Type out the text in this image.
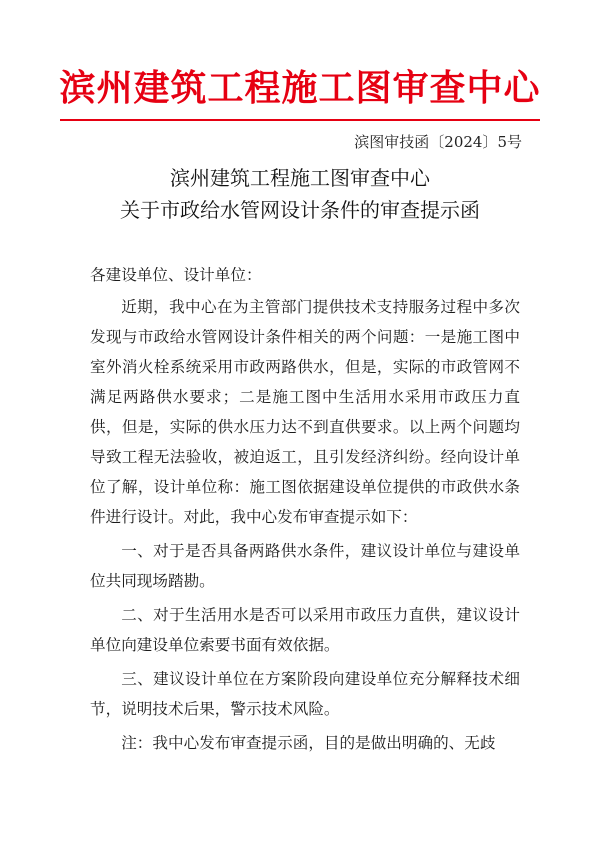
滨州建筑工程施工图审查中心
滨图审技函〔2024〕5号
滨州建筑工程施工图审查中心
关于市政给水管网设计条件的审查提示函

各建设单位、设计单位：

近期，我中心在为主管部门提供技术支持服务过程中多次发现与市政给水管网设计条件相关的两个问题：一是施工图中室外消火栓系统采用市政两路供水，但是，实际的市政管网不满足两路供水要求；二是施工图中生活用水采用市政压力直供，但是，实际的供水压力达不到直供要求。以上两个问题均导致工程无法验收，被迫返工，且引发经济纠纷。经向设计单位了解，设计单位称：施工图依据建设单位提供的市政供水条件进行设计。对此，我中心发布审查提示如下：

一、对于是否具备两路供水条件，建议设计单位与建设单位共同现场踏勘。

二、对于生活用水是否可以采用市政压力直供，建议设计单位向建设单位索要书面有效依据。

三、建议设计单位在方案阶段向建设单位充分解释技术细节，说明技术后果，警示技术风险。

注：我中心发布审查提示函，目的是做出明确的、无歧
